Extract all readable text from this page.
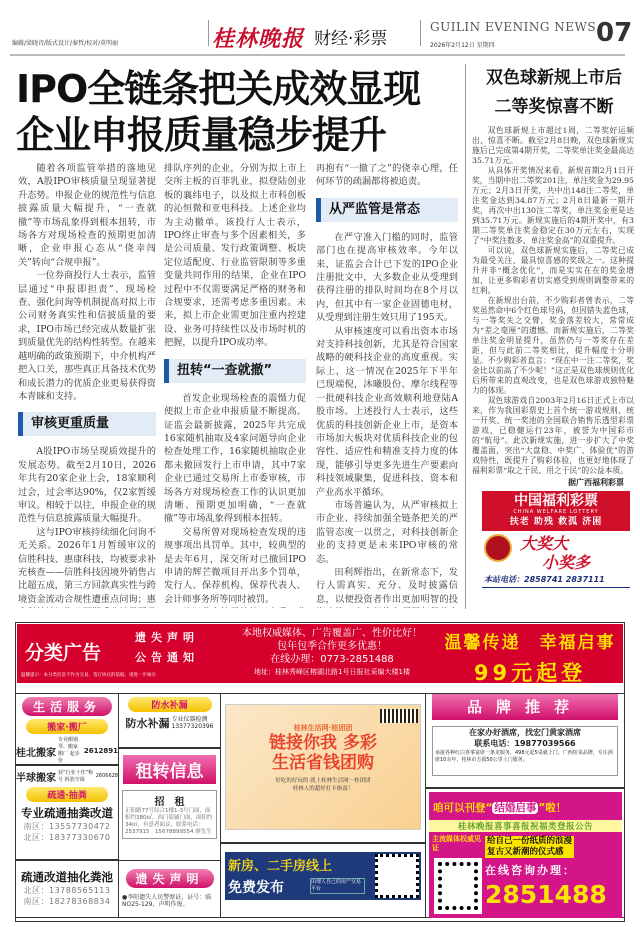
编辑/梁晓诗/版式设计/秦哲/校对/莫明丽	桂林晚报 财经·彩票
GUILIN EVENING NEWS
2026年2月12日 星期四	07
IPO全链条把关成效显现
企业申报质量稳步提升

随着各项监管举措的落地见效，A股IPO审核质量呈现显著提升态势。申报企业的规范性与信息披露质量大幅提升，“一查就撤”等市场乱象得到根本扭转，市场各方对现场检查的预期更加清晰，企业申报心态从“侥幸闯关”转向“合规申报”。

一位券商投行人士表示，监管层通过“申报即担责”、现场检查、强化问询等机制提高对拟上市公司财务真实性和信披质量的要求，IPO市场已经完成从数量扩张到质量优先的结构性转型。在越来越明确的政策预期下，中介机构严把入口关，那些真正具备技术优势和成长潜力的优质企业更易获得资本青睐和支持。

审核更重质量

A股IPO市场呈现质效提升的发展态势。截至2月10日，2026年共有20家企业上会，18家顺利过会，过会率达90%，仅2家暂缓审议。相较于以往，申报企业的规范性与信息披露质量大幅提升。

这与IPO审核持续细化问询不无关系。2026年1月暂缓审议的信胜科技、惠康科技，均被要求补充核查——信胜科技因境外销售占比超五成，第三方回款真实性与跨境资金流动合规性遭重点问询；惠

排队序列的企业，分别为拟上市上交所主板的百菲乳业，拟登陆创业板的襄纬电子，以及拟上市科创板的沁恒微和亚电科技。上述企业均为主动撤单。该投行人士表示，IPO终止审查与多个因素相关，多是公司质量、发行政策调整、板块定位适配度、行业监管限制等多重变量共同作用的结果，企业在IPO过程中不仅需要满足严格的财务和合规要求，还需考虑多重因素。未来，拟上市企业需更加注重内控建设、业务可持续性以及市场时机的把握，以提升IPO成功率。

扭转“一查就撤”

首发企业现场检查的震慑力促使拟上市企业申报质量不断提高。证监会最新披露，2025年共完成16家随机抽取及4家问题导向企业检查处理工作，16家随机抽取企业都未撤回发行上市申请，其中7家企业已通过交易所上市委审核，市场各方对现场检查工作的认识更加清晰、预期更加明确，“一查就撤”等市场乱象得到根本扭转。

交易所曾对现场检查发现的违规事项出具罚单。其中，较典型的是去年6月，深交所对已撤回IPO申请的辉芒微项目开出多个罚单，发行人、保荐机构、保荐代表人、会计师事务所等同时被罚。

再抱有“一撤了之”的侥幸心理，任何环节的疏漏都将被追责。

从严监管是常态

在严守准入门槛的同时，监管部门也在提高审核效率。今年以来，证监会合计已下发的IPO企业注册批文中，大多数企业从受理到获得注册的排队时间均在8个月以内，但其中有一家企业固德电材，从受理到注册生效只用了195天。

从审核速度可以看出资本市场对支持科技创新，尤其是符合国家战略的硬科技企业的高度重视。实际上，这一情况在2025年下半年已现端倪，沐曦股份、摩尔线程等一批硬科技企业高效顺利地登陆A股市场。上述投行人士表示，这些优质的科技创新企业上市，是资本市场加大板块对优质科技企业的包容性、适应性和精准支持力度的体现，能够引导更多先进生产要素向科技领域聚集，促进科技、资本和产业高水平循环。

市场普遍认为，从严审核拟上市企业、持续加强全链条把关的严监管态度一以贯之，对科技创新企业的支持更是未来IPO审核的常态。

田利辉指出，在新常态下，发行人需真实、充分、及时披露信息，以便投资者作出更加明智的投

双色球新规上市后
二等奖惊喜不断

双色球新规上市超过1周，二等奖好运频出、惊喜不断。截至2月8日晚，双色球新规实施后已完成第4期开奖，二等奖单注奖金最高达35.71万元。

从具体开奖情况来看，新规首期2月1日开奖，当期中出二等奖201注，单注奖金为29.95万元；2月3日开奖，共中出148注二等奖，单注奖金达到34.87万元；2月8日最新一期开奖，再次中出130注二等奖，单注奖金更是达到35.71万元。新规实施后的4期开奖中，有3期二等奖单注奖金稳定在30万元左右，实现了“中奖注数多、单注奖金高”的双重提升。

可以说，双色球新规实施后，二等奖已成为最受关注、最具惊喜感的奖级之一。这种提升并非“概念优化”，而是实实在在的奖金增加，让更多购彩者切实感受到规则调整带来的红利。

在新规出台前，不少购彩者曾表示，二等奖虽然命中6个红色球号码，但因错失蓝色球，与一等奖失之交臂，奖金落差较大，常常成为“差之毫厘”的遗憾。而新规实施后，二等奖单注奖金明显提升，虽然仍与一等奖存在差距，但与此前二等奖相比，提升幅度十分明显。不少购彩者直言：“现在中一注二等奖，奖金比以前高了不少呢！”这正是双色球规则优化后所带来的直观改变，也是双色球游戏独特魅力的体现。

双色球游戏自2003年2月16日正式上市以来，作为我国彩票史上首个统一游戏规则、统一开奖、统一奖池的全国联合销售乐透型彩票游戏，已稳健运行23年，被誉为中国彩市的“航母”。此次新规实施，进一步扩大了中奖覆盖面，突出“大盘稳、中奖广、体验优”的游戏特性，既提升了购彩体验，也更好地体现了福利彩票“取之于民、用之于民”的公益本质。

据广西福利彩票
中国福利彩票
CHINA WELFARE LOTTERY
扶老 助残 救孤 济困
大奖大
小奖多
本站电话：2858741 2837111
分类广告
遗失声明
公告通知
温馨提示：本分类信息不作为交易、签订协议的依据，请进一步核实
本地权威媒体、广告覆盖广、性价比好！
包年包季合作更多优惠！
在线办理：0773-2851488
地址：桂林秀峰区榕湖北路1号日报社采编大楼1楼
温馨传递　幸福启事
99元起登
生活服务
搬家·搬厂
桂北搬家
专业搬钢琴、搬家搬厂 起步价
2612891
半球搬家
获“行业十佳”称号 拆装空调
2606628
疏通·抽粪
专业疏通抽粪改道
南区：13557730472
北区：18377330670
疏通改道抽化粪池
北区：13788565113
南区：18278368834
防水补漏
防水补漏 专业仪器检测
13377320396
租转信息
招　租
正阳路77号综合1楼1-3号门面，面积约380㎡，西门街铺门面，面积约34㎡，有意者面议，联系电话：2537915　15678899554 廖先生
遗失声明
●李阳遗失人民警察证，证号：临NO25-129，声明作废。
桂林生活网·桂团团
链接你我 多彩
生活省钱团购
好吃的好玩的 就上桂林生活网－桂团团
桂林人的超好打卡指南！
新房、二手房线上
免费发布	由理人自己的房产交易平台
品牌推荐
在家办好酒席，找宏门黄家酒席
联系电话：19877039566
承接各种红白喜事宴席一条龙服务，498元起5桌就上门。广西桂菜品牌，专注酒席10余年，桂林市方圆50公里上门服务。
咱可以刊登“ 结婚启事 ”啦！
桂林晚报喜事喜报祝福类登报公告
主流媒体权威见证
给自己一份纸质的浪漫
复古又新潮的仪式感
在线咨询办理：
2851488
